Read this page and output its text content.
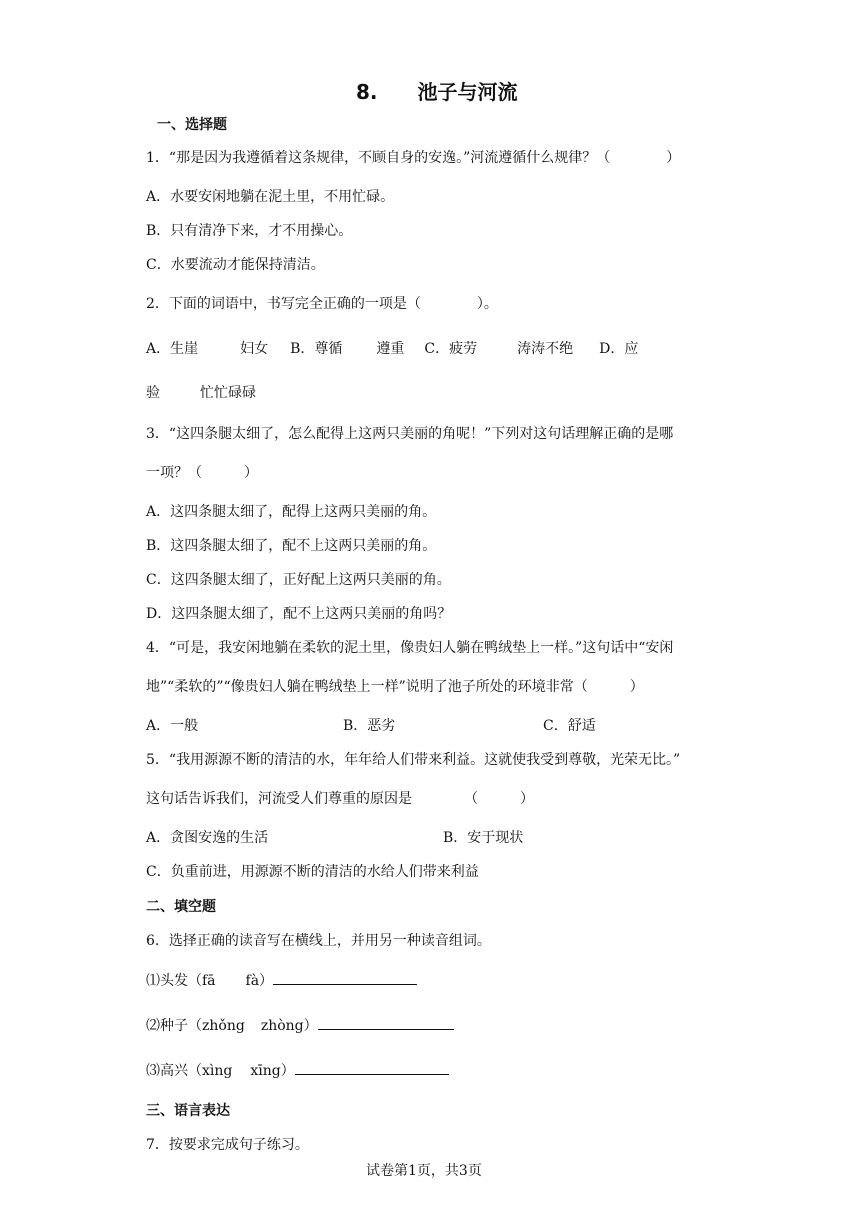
8. 池子与河流
一、选择题
1．“那是因为我遵循着这条规律，不顾自身的安逸。”河流遵循什么规律？（　　　　）
A．水要安闲地躺在泥土里，不用忙碌。
B．只有清净下来，才不用操心。
C．水要流动才能保持清洁。
2．下面的词语中，书写完全正确的一项是（　　　　）。
A．生崖	妇女 B．尊循 遵重 C．疲劳	涛涛不绝 D．应
验	忙忙碌碌
3．“这四条腿太细了，怎么配得上这两只美丽的角呢！”下列对这句话理解正确的是哪
一项？（　　　）
A．这四条腿太细了，配得上这两只美丽的角。
B．这四条腿太细了，配不上这两只美丽的角。
C．这四条腿太细了，正好配上这两只美丽的角。
D．这四条腿太细了，配不上这两只美丽的角吗？
4．“可是，我安闲地躺在柔软的泥土里，像贵妇人躺在鸭绒垫上一样。”这句话中“安闲
地”“柔软的”“像贵妇人躺在鸭绒垫上一样”说明了池子所处的环境非常（　　　）
A．一般	B．恶劣	C．舒适
5．“我用源源不断的清洁的水，年年给人们带来利益。这就使我受到尊敬，光荣无比。”
这句话告诉我们，河流受人们尊重的原因是	（　　　）
A．贪图安逸的生活	B．安于现状
C．负重前进，用源源不断的清洁的水给人们带来利益
二、填空题
6．选择正确的读音写在横线上，并用另一种读音组词。
⑴头发（fā fà）
⑵种子（zhǒng zhòng）
⑶高兴（xìng xīng）
三、语言表达
7．按要求完成句子练习。
试卷第1页，共3页
